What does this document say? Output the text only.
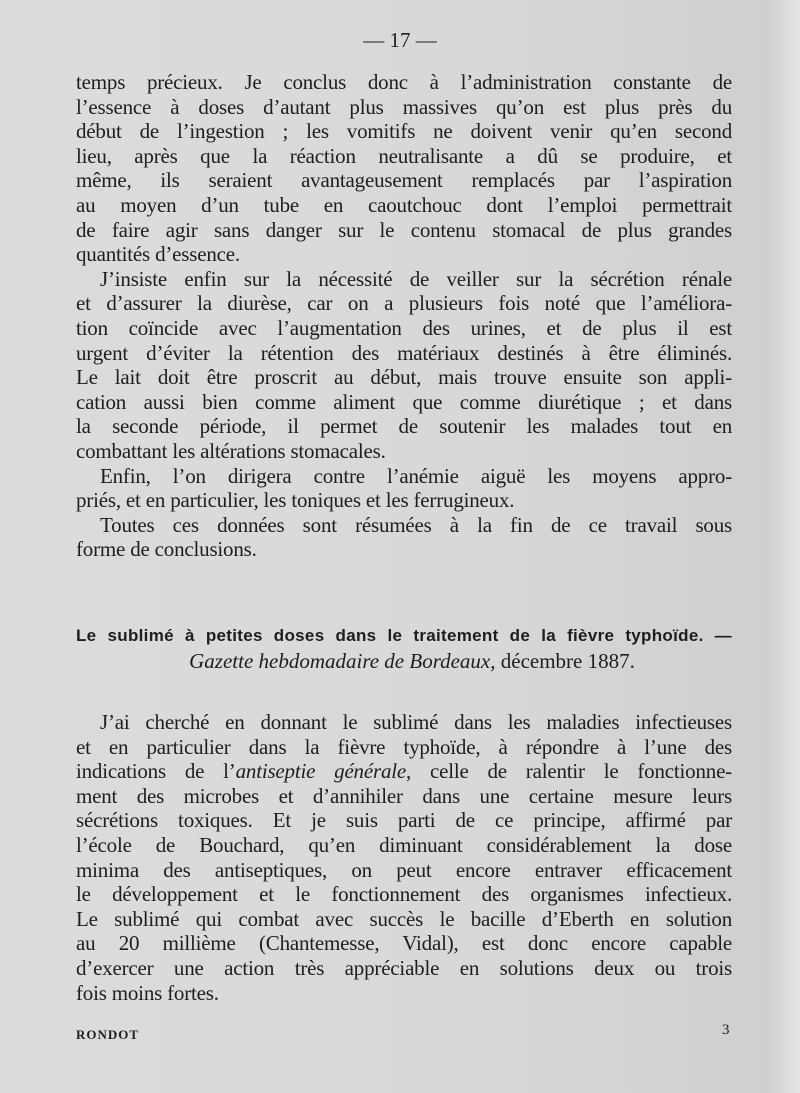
— 17 —
temps précieux. Je conclus donc à l’administration constante de
l’essence à doses d’autant plus massives qu’on est plus près du
début de l’ingestion ; les vomitifs ne doivent venir qu’en second
lieu, après que la réaction neutralisante a dû se produire, et
même, ils seraient avantageusement remplacés par l’aspiration
au moyen d’un tube en caoutchouc dont l’emploi permettrait
de faire agir sans danger sur le contenu stomacal de plus grandes
quantités d’essence.
J’insiste enfin sur la nécessité de veiller sur la sécrétion rénale
et d’assurer la diurèse, car on a plusieurs fois noté que l’améliora-
tion coïncide avec l’augmentation des urines, et de plus il est
urgent d’éviter la rétention des matériaux destinés à être éliminés.
Le lait doit être proscrit au début, mais trouve ensuite son appli-
cation aussi bien comme aliment que comme diurétique ; et dans
la seconde période, il permet de soutenir les malades tout en
combattant les altérations stomacales.
Enfin, l’on dirigera contre l’anémie aiguë les moyens appro-
priés, et en particulier, les toniques et les ferrugineux.
Toutes ces données sont résumées à la fin de ce travail sous
forme de conclusions.
Le sublimé à petites doses dans le traitement de la fièvre typhoïde. —
Gazette hebdomadaire de Bordeaux, décembre 1887.
J’ai cherché en donnant le sublimé dans les maladies infectieuses
et en particulier dans la fièvre typhoïde, à répondre à l’une des
indications de l’antiseptie générale, celle de ralentir le fonctionne-
ment des microbes et d’annihiler dans une certaine mesure leurs
sécrétions toxiques. Et je suis parti de ce principe, affirmé par
l’école de Bouchard, qu’en diminuant considérablement la dose
minima des antiseptiques, on peut encore entraver efficacement
le développement et le fonctionnement des organismes infectieux.
Le sublimé qui combat avec succès le bacille d’Eberth en solution
au 20 millième (Chantemesse, Vidal), est donc encore capable
d’exercer une action très appréciable en solutions deux ou trois
fois moins fortes.
RONDOT	3
